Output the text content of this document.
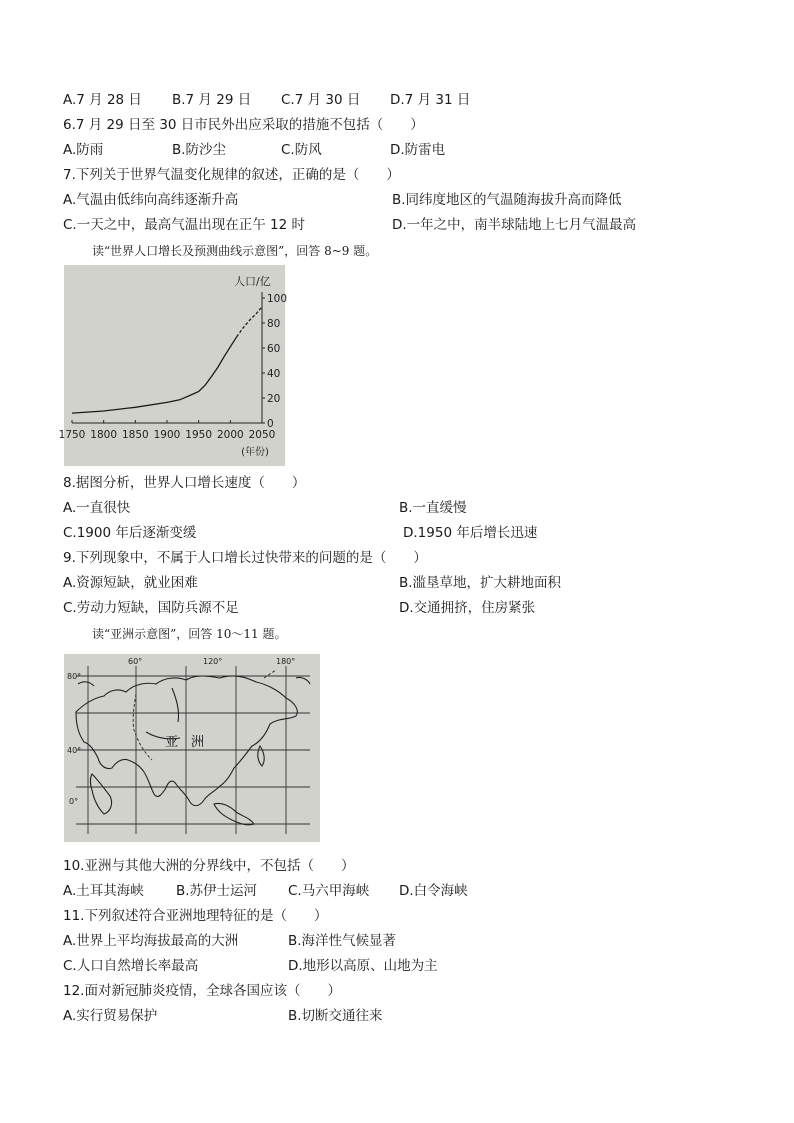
A.7 月 28 日 B.7 月 29 日 C.7 月 30 日 D.7 月 31 日
6.7 月 29 日至 30 日市民外出应采取的措施不包括（　　）
A.防雨	B.防沙尘	C.防风	D.防雷电
7.下列关于世界气温变化规律的叙述，正确的是（　　）
A.气温由低纬向高纬逐渐升高	B.同纬度地区的气温随海拔升高而降低
C.一天之中，最高气温出现在正午 12 时	D.一年之中，南半球陆地上七月气温最高
读“世界人口增长及预测曲线示意图”，回答 8~9 题。
1750 1800 1850 1900 1950 2000 2050
0
20
40
60
80
100
人口/亿
(年份)
8.据图分析，世界人口增长速度（　　）
A.一直很快	B.一直缓慢
C.1900 年后逐渐变缓	D.1950 年后增长迅速
9.下列现象中，不属于人口增长过快带来的问题的是（　　）
A.资源短缺，就业困难	B.滥垦草地，扩大耕地面积
C.劳动力短缺，国防兵源不足	D.交通拥挤，住房紧张
读“亚洲示意图”，回答 10～11 题。
亚　洲
60°	120°	180°
80°
40°
0°
10.亚洲与其他大洲的分界线中，不包括（　　）
A.土耳其海峡 B.苏伊士运河 C.马六甲海峡 D.白令海峡
11.下列叙述符合亚洲地理特征的是（　　）
A.世界上平均海拔最高的大洲	B.海洋性气候显著
C.人口自然增长率最高	D.地形以高原、山地为主
12.面对新冠肺炎疫情，全球各国应该（　　）
A.实行贸易保护	B.切断交通往来
